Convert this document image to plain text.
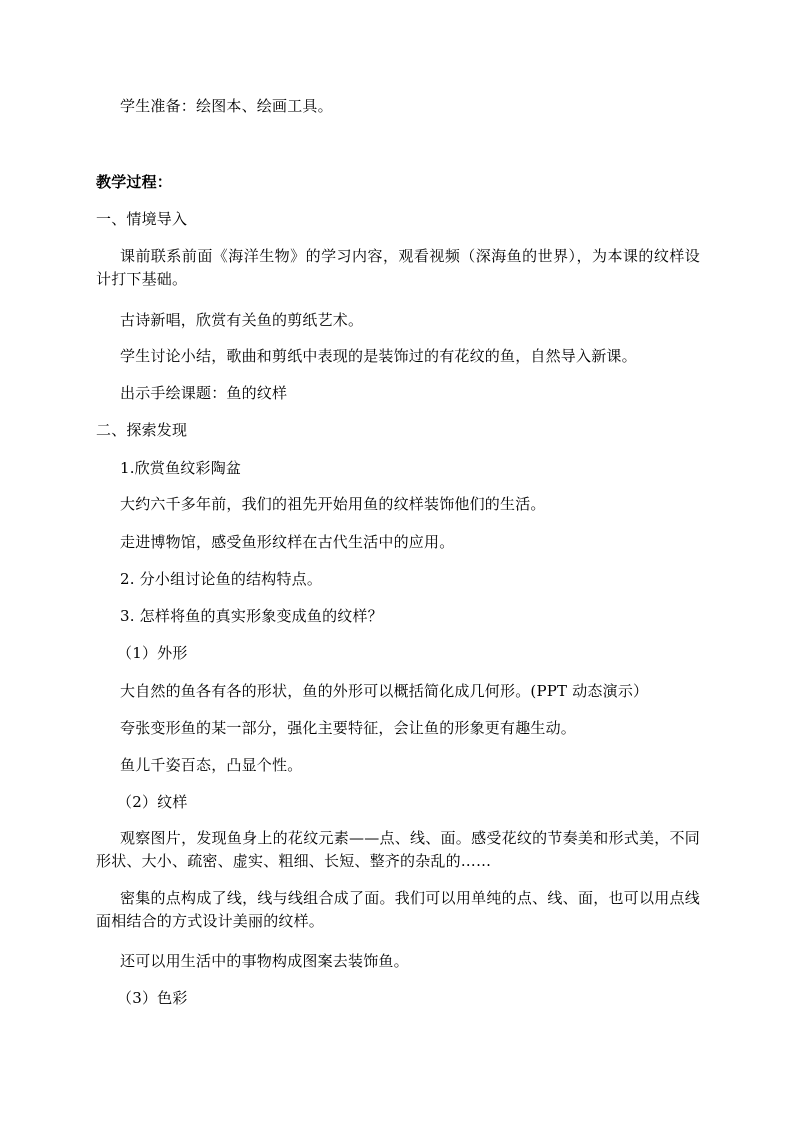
学生准备：绘图本、绘画工具。
教学过程：
一、情境导入
课前联系前面《海洋生物》的学习内容，观看视频（深海鱼的世界），为本课的纹样设计打下基础。
古诗新唱，欣赏有关鱼的剪纸艺术。
学生讨论小结，歌曲和剪纸中表现的是装饰过的有花纹的鱼，自然导入新课。
出示手绘课题：鱼的纹样
二、探索发现
1.欣赏鱼纹彩陶盆
大约六千多年前，我们的祖先开始用鱼的纹样装饰他们的生活。
走进博物馆，感受鱼形纹样在古代生活中的应用。
2. 分小组讨论鱼的结构特点。
3. 怎样将鱼的真实形象变成鱼的纹样？
（1）外形
大自然的鱼各有各的形状，鱼的外形可以概括简化成几何形。(PPT 动态演示）
夸张变形鱼的某一部分，强化主要特征，会让鱼的形象更有趣生动。
鱼儿千姿百态，凸显个性。
（2）纹样
观察图片，发现鱼身上的花纹元素——点、线、面。感受花纹的节奏美和形式美，不同形状、大小、疏密、虚实、粗细、长短、整齐的杂乱的……
密集的点构成了线，线与线组合成了面。我们可以用单纯的点、线、面，也可以用点线面相结合的方式设计美丽的纹样。
还可以用生活中的事物构成图案去装饰鱼。
（3）色彩
